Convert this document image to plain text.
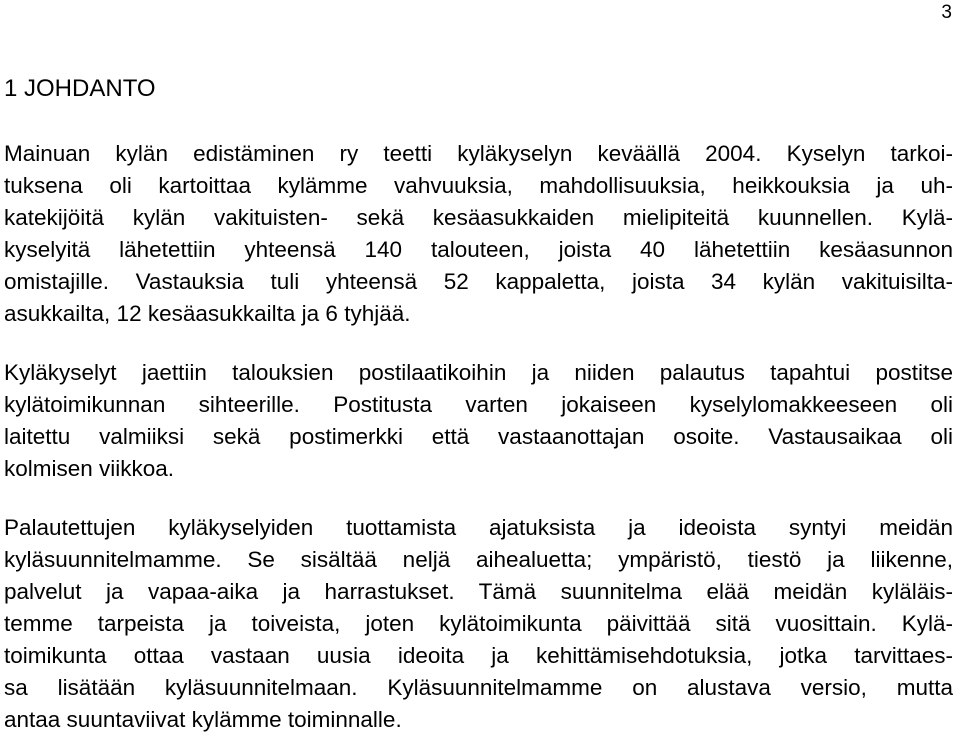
3
1 JOHDANTO
Mainuan kylän edistäminen ry teetti kyläkyselyn keväällä 2004. Kyselyn tarkoi-
tuksena oli kartoittaa kylämme vahvuuksia, mahdollisuuksia, heikkouksia ja uh-
katekijöitä kylän vakituisten- sekä kesäasukkaiden mielipiteitä kuunnellen. Kylä-
kyselyitä lähetettiin yhteensä 140 talouteen, joista 40 lähetettiin kesäasunnon
omistajille. Vastauksia tuli yhteensä 52 kappaletta, joista 34 kylän vakituisilta-
asukkailta, 12 kesäasukkailta ja 6 tyhjää.
Kyläkyselyt jaettiin talouksien postilaatikoihin ja niiden palautus tapahtui postitse
kylätoimikunnan sihteerille. Postitusta varten jokaiseen kyselylomakkeeseen oli
laitettu valmiiksi sekä postimerkki että vastaanottajan osoite. Vastausaikaa oli
kolmisen viikkoa.
Palautettujen kyläkyselyiden tuottamista ajatuksista ja ideoista syntyi meidän
kyläsuunnitelmamme. Se sisältää neljä aihealuetta; ympäristö, tiestö ja liikenne,
palvelut ja vapaa-aika ja harrastukset. Tämä suunnitelma elää meidän kyläläis-
temme tarpeista ja toiveista, joten kylätoimikunta päivittää sitä vuosittain. Kylä-
toimikunta ottaa vastaan uusia ideoita ja kehittämisehdotuksia, jotka tarvittaes-
sa lisätään kyläsuunnitelmaan. Kyläsuunnitelmamme on alustava versio, mutta
antaa suuntaviivat kylämme toiminnalle.
